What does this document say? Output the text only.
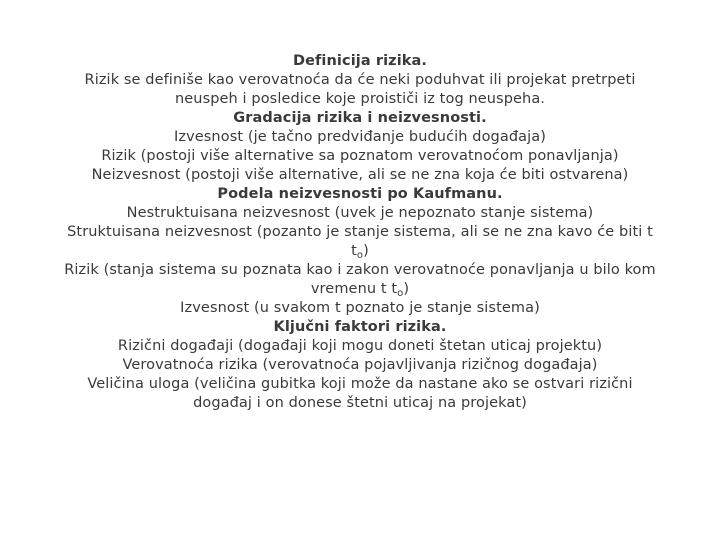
Definicija rizika.
Rizik se definiše kao verovatnoća da će neki poduhvat ili projekat pretrpeti
neuspeh i posledice koje proističi iz tog neuspeha.
Gradacija rizika i neizvesnosti.
Izvesnost (je tačno predviđanje budućih događaja)
Rizik (postoji više alternative sa poznatom verovatnoćom ponavljanja)
Neizvesnost (postoji više alternative, ali se ne zna koja će biti ostvarena)
Podela neizvesnosti po Kaufmanu.
Nestruktuisana neizvesnost (uvek je nepoznato stanje sistema)
Struktuisana neizvesnost (pozanto je stanje sistema, ali se ne zna kavo će biti t
$t_o$)
Rizik (stanja sistema su poznata kao i zakon verovatnoće ponavljanja u bilo kom
vremenu t $t_o$)
Izvesnost (u svakom t poznato je stanje sistema)
Ključni faktori rizika.
Rizični događaji (događaji koji mogu doneti štetan uticaj projektu)
Verovatnoća rizika (verovatnoća pojavljivanja rizičnog događaja)
Veličina uloga (veličina gubitka koji može da nastane ako se ostvari rizični
događaj i on donese štetni uticaj na projekat)
